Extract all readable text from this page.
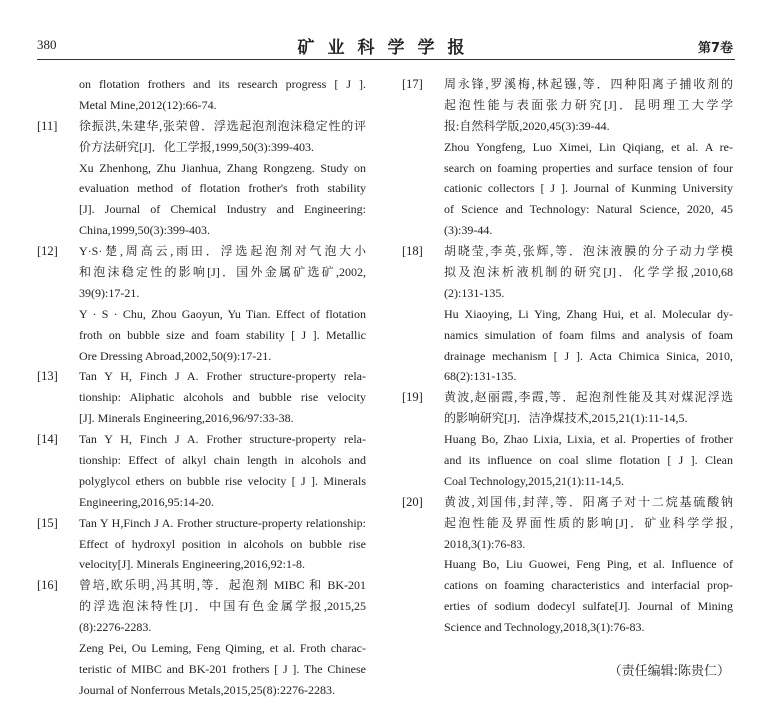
380	矿业科学学报	第7卷
on flotation frothers and its research progress [ J ].
Metal Mine,2012(12):66-74.
[11] 徐振洪,朱建华,张荣曾．浮选起泡剂泡沫稳定性的评
价方法研究[J]．化工学报,1999,50(3):399-403.
Xu Zhenhong, Zhu Jianhua, Zhang Rongzeng. Study on
evaluation method of flotation frother's froth stability
[J]. Journal of Chemical Industry and Engineering:
China,1999,50(3):399-403.
[12] Y·S·楚,周高云,雨田．浮选起泡剂对气泡大小
和泡沫稳定性的影响[J]．国外金属矿选矿,2002,
39(9):17-21.
Y · S · Chu, Zhou Gaoyun, Yu Tian. Effect of flotation
froth on bubble size and foam stability [ J ]. Metallic
Ore Dressing Abroad,2002,50(9):17-21.
[13] Tan Y H, Finch J A. Frother structure-property rela-
tionship: Aliphatic alcohols and bubble rise velocity
[J]. Minerals Engineering,2016,96/97:33-38.
[14] Tan Y H, Finch J A. Frother structure-property rela-
tionship: Effect of alkyl chain length in alcohols and
polyglycol ethers on bubble rise velocity [ J ]. Minerals
Engineering,2016,95:14-20.
[15] Tan Y H,Finch J A. Frother structure-property relationship:
Effect of hydroxyl position in alcohols on bubble rise
velocity[J]. Minerals Engineering,2016,92:1-8.
[16] 曾培,欧乐明,冯其明,等．起泡剂 MIBC 和 BK-201
的浮选泡沫特性[J]．中国有色金属学报,2015,25
(8):2276-2283.
Zeng Pei, Ou Leming, Feng Qiming, et al. Froth charac-
teristic of MIBC and BK-201 frothers [ J ]. The Chinese
Journal of Nonferrous Metals,2015,25(8):2276-2283.
[17] 周永锋,罗溪梅,林起镪,等．四种阳离子捕收剂的
起泡性能与表面张力研究[J]．昆明理工大学学
报:自然科学版,2020,45(3):39-44.
Zhou Yongfeng, Luo Ximei, Lin Qiqiang, et al. A re-
search on foaming properties and surface tension of four
cationic collectors [ J ]. Journal of Kunming University
of Science and Technology: Natural Science, 2020, 45
(3):39-44.
[18] 胡晓莹,李英,张辉,等．泡沫液膜的分子动力学模
拟及泡沫析液机制的研究[J]．化学学报,2010,68
(2):131-135.
Hu Xiaoying, Li Ying, Zhang Hui, et al. Molecular dy-
namics simulation of foam films and analysis of foam
drainage mechanism [ J ]. Acta Chimica Sinica, 2010,
68(2):131-135.
[19] 黄波,赵丽霞,李霞,等．起泡剂性能及其对煤泥浮选
的影响研究[J]．洁净煤技术,2015,21(1):11-14,5.
Huang Bo, Zhao Lixia, Lixia, et al. Properties of frother
and its influence on coal slime flotation [ J ]. Clean
Coal Technology,2015,21(1):11-14,5.
[20] 黄波,刘国伟,封萍,等．阳离子对十二烷基硫酸钠
起泡性能及界面性质的影响[J]．矿业科学学报,
2018,3(1):76-83.
Huang Bo, Liu Guowei, Feng Ping, et al. Influence of
cations on foaming characteristics and interfacial prop-
erties of sodium dodecyl sulfate[J]. Journal of Mining
Science and Technology,2018,3(1):76-83.
（责任编辑:陈贵仁）
